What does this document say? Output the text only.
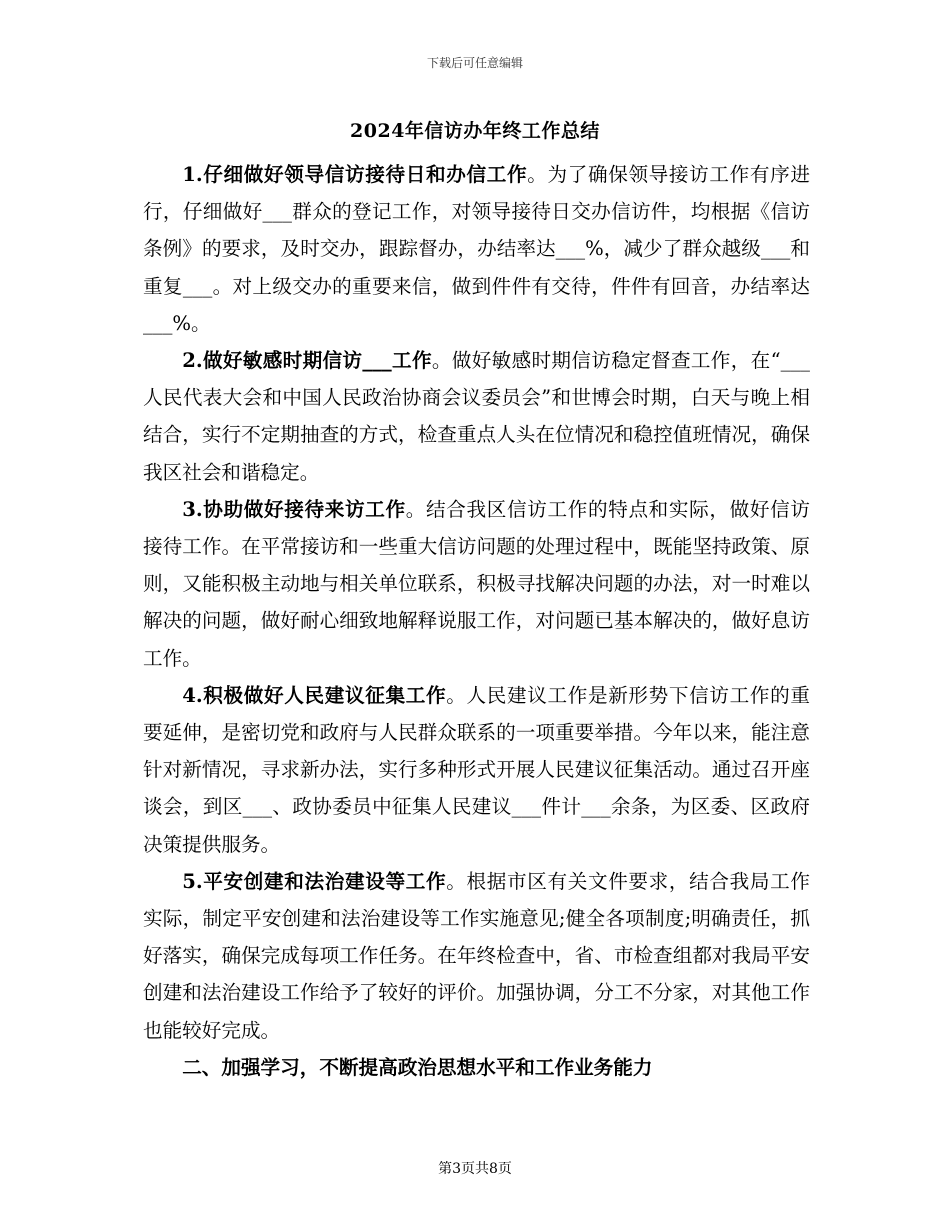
下载后可任意编辑
2024年信访办年终工作总结

1.仔细做好领导信访接待日和办信工作。为了确保领导接访工作有序进行，仔细做好___群众的登记工作，对领导接待日交办信访件，均根据《信访条例》的要求，及时交办，跟踪督办，办结率达___%，减少了群众越级___和重复___。对上级交办的重要来信，做到件件有交待，件件有回音，办结率达___%。

2.做好敏感时期信访___工作。做好敏感时期信访稳定督查工作，在“___人民代表大会和中国人民政治协商会议委员会”和世博会时期，白天与晚上相结合，实行不定期抽查的方式，检查重点人头在位情况和稳控值班情况，确保我区社会和谐稳定。

3.协助做好接待来访工作。结合我区信访工作的特点和实际，做好信访接待工作。在平常接访和一些重大信访问题的处理过程中，既能坚持政策、原则，又能积极主动地与相关单位联系，积极寻找解决问题的办法，对一时难以解决的问题，做好耐心细致地解释说服工作，对问题已基本解决的，做好息访工作。

4.积极做好人民建议征集工作。人民建议工作是新形势下信访工作的重要延伸，是密切党和政府与人民群众联系的一项重要举措。今年以来，能注意针对新情况，寻求新办法，实行多种形式开展人民建议征集活动。通过召开座谈会，到区___、政协委员中征集人民建议___件计___余条，为区委、区政府决策提供服务。

5.平安创建和法治建设等工作。根据市区有关文件要求，结合我局工作实际，制定平安创建和法治建设等工作实施意见;健全各项制度;明确责任，抓好落实，确保完成每项工作任务。在年终检查中，省、市检查组都对我局平安创建和法治建设工作给予了较好的评价。加强协调，分工不分家，对其他工作也能较好完成。

二、加强学习，不断提高政治思想水平和工作业务能力

第3页共8页
